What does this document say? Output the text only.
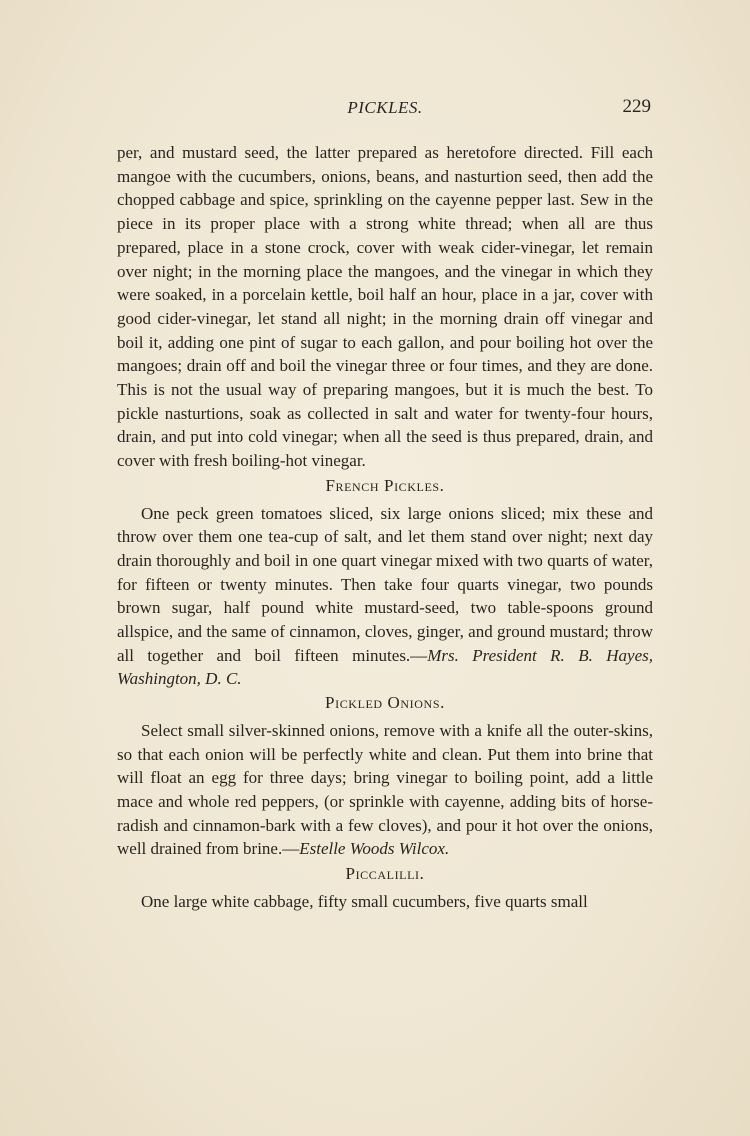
PICKLES.	229

per, and mustard seed, the latter prepared as heretofore directed. Fill each mangoe with the cucumbers, onions, beans, and nasturtion seed, then add the chopped cabbage and spice, sprinkling on the cayenne pepper last. Sew in the piece in its proper place with a strong white thread; when all are thus prepared, place in a stone crock, cover with weak cider-vinegar, let remain over night; in the morning place the mangoes, and the vinegar in which they were soaked, in a porcelain kettle, boil half an hour, place in a jar, cover with good cider-vinegar, let stand all night; in the morning drain off vinegar and boil it, adding one pint of sugar to each gallon, and pour boiling hot over the mangoes; drain off and boil the vinegar three or four times, and they are done. This is not the usual way of preparing mangoes, but it is much the best. To pickle nasturtions, soak as collected in salt and water for twenty-four hours, drain, and put into cold vinegar; when all the seed is thus prepared, drain, and cover with fresh boiling-hot vinegar.

French Pickles.

One peck green tomatoes sliced, six large onions sliced; mix these and throw over them one tea-cup of salt, and let them stand over night; next day drain thoroughly and boil in one quart vinegar mixed with two quarts of water, for fifteen or twenty minutes. Then take four quarts vinegar, two pounds brown sugar, half pound white mustard-seed, two table-spoons ground allspice, and the same of cinnamon, cloves, ginger, and ground mustard; throw all together and boil fifteen minutes.—Mrs. President R. B. Hayes, Washington, D. C.

Pickled Onions.

Select small silver-skinned onions, remove with a knife all the outer-skins, so that each onion will be perfectly white and clean. Put them into brine that will float an egg for three days; bring vinegar to boiling point, add a little mace and whole red peppers, (or sprinkle with cayenne, adding bits of horse-radish and cinnamon-bark with a few cloves), and pour it hot over the onions, well drained from brine.—Estelle Woods Wilcox.

Piccalilli.

One large white cabbage, fifty small cucumbers, five quarts small
